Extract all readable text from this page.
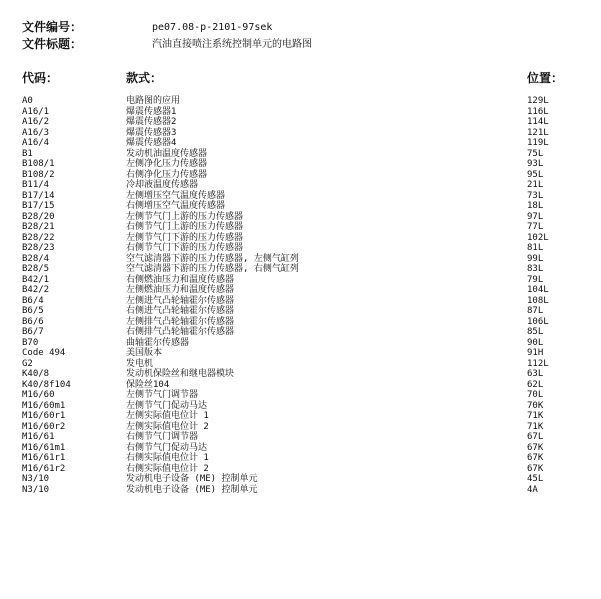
文件编号：	pe07.08-p-2101-97sek
文件标题：	汽油直接喷注系统控制单元的电路图
代码：	款式：	位置：
A0	电路图的应用	129L
A16/1	爆震传感器1	116L
A16/2	爆震传感器2	114L
A16/3	爆震传感器3	121L
A16/4	爆震传感器4	119L
B1	发动机油温度传感器	75L
B108/1	左侧净化压力传感器	93L
B108/2	右侧净化压力传感器	95L
B11/4	冷却液温度传感器	21L
B17/14	左侧增压空气温度传感器	73L
B17/15	右侧增压空气温度传感器	18L
B28/20	左侧节气门上游的压力传感器	97L
B28/21	右侧节气门上游的压力传感器	77L
B28/22	左侧节气门下游的压力传感器	102L
B28/23	右侧节气门下游的压力传感器	81L
B28/4	空气滤清器下游的压力传感器, 左侧气缸列	99L
B28/5	空气滤清器下游的压力传感器, 右侧气缸列	83L
B42/1	右侧燃油压力和温度传感器	79L
B42/2	左侧燃油压力和温度传感器	104L
B6/4	左侧进气凸轮轴霍尔传感器	108L
B6/5	右侧进气凸轮轴霍尔传感器	87L
B6/6	左侧排气凸轮轴霍尔传感器	106L
B6/7	右侧排气凸轮轴霍尔传感器	85L
B70	曲轴霍尔传感器	90L
Code 494	美国版本	91H
G2	发电机	112L
K40/8	发动机保险丝和继电器模块	63L
K40/8f104	保险丝104	62L
M16/60	左侧节气门调节器	70L
M16/60m1	左侧节气门促动马达	70K
M16/60r1	左侧实际值电位计 1	71K
M16/60r2	左侧实际值电位计 2	71K
M16/61	右侧节气门调节器	67L
M16/61m1	右侧节气门促动马达	67K
M16/61r1	右侧实际值电位计 1	67K
M16/61r2	右侧实际值电位计 2	67K
N3/10	发动机电子设备 (ME) 控制单元	45L
N3/10	发动机电子设备 (ME) 控制单元	4A
